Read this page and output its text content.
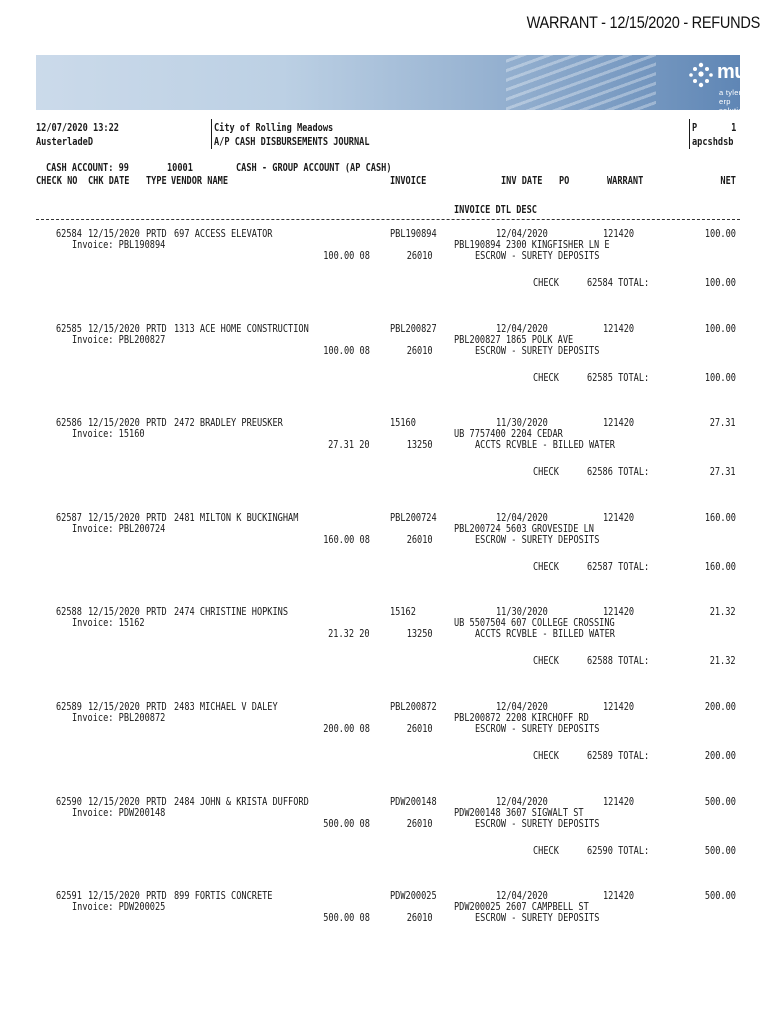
WARRANT - 12/15/2020 - REFUNDS
munis
a tyler erp solution
12/07/2020 13:22
AusterladeD
City of Rolling Meadows
A/P CASH DISBURSEMENTS JOURNAL
P	1
apcshdsb
CASH ACCOUNT: 99	10001	CASH - GROUP ACCOUNT (AP CASH)
CHECK NO CHK DATE TYPE VENDOR NAME	INVOICE	INV DATE PO	WARRANT	NET
INVOICE DTL DESC
62584 12/15/2020 PRTD 697 ACCESS ELEVATOR	PBL190894	12/04/2020	121420	100.00
Invoice: PBL190894	PBL190894 2300 KINGFISHER LN E
100.00 08	26010	ESCROW - SURETY DEPOSITS
CHECK	62584 TOTAL:	100.00
62585 12/15/2020 PRTD 1313 ACE HOME CONSTRUCTION	PBL200827	12/04/2020	121420	100.00
Invoice: PBL200827	PBL200827 1865 POLK AVE
100.00 08	26010	ESCROW - SURETY DEPOSITS
CHECK	62585 TOTAL:	100.00
62586 12/15/2020 PRTD 2472 BRADLEY PREUSKER	15160	11/30/2020	121420	27.31
Invoice: 15160	UB 7757400 2204 CEDAR
27.31 20	13250	ACCTS RCVBLE - BILLED WATER
CHECK	62586 TOTAL:	27.31
62587 12/15/2020 PRTD 2481 MILTON K BUCKINGHAM	PBL200724	12/04/2020	121420	160.00
Invoice: PBL200724	PBL200724 5603 GROVESIDE LN
160.00 08	26010	ESCROW - SURETY DEPOSITS
CHECK	62587 TOTAL:	160.00
62588 12/15/2020 PRTD 2474 CHRISTINE HOPKINS	15162	11/30/2020	121420	21.32
Invoice: 15162	UB 5507504 607 COLLEGE CROSSING
21.32 20	13250	ACCTS RCVBLE - BILLED WATER
CHECK	62588 TOTAL:	21.32
62589 12/15/2020 PRTD 2483 MICHAEL V DALEY	PBL200872	12/04/2020	121420	200.00
Invoice: PBL200872	PBL200872 2208 KIRCHOFF RD
200.00 08	26010	ESCROW - SURETY DEPOSITS
CHECK	62589 TOTAL:	200.00
62590 12/15/2020 PRTD 2484 JOHN & KRISTA DUFFORD	PDW200148	12/04/2020	121420	500.00
Invoice: PDW200148	PDW200148 3607 SIGWALT ST
500.00 08	26010	ESCROW - SURETY DEPOSITS
CHECK	62590 TOTAL:	500.00
62591 12/15/2020 PRTD 899 FORTIS CONCRETE	PDW200025	12/04/2020	121420	500.00
Invoice: PDW200025	PDW200025 2607 CAMPBELL ST
500.00 08	26010	ESCROW - SURETY DEPOSITS
